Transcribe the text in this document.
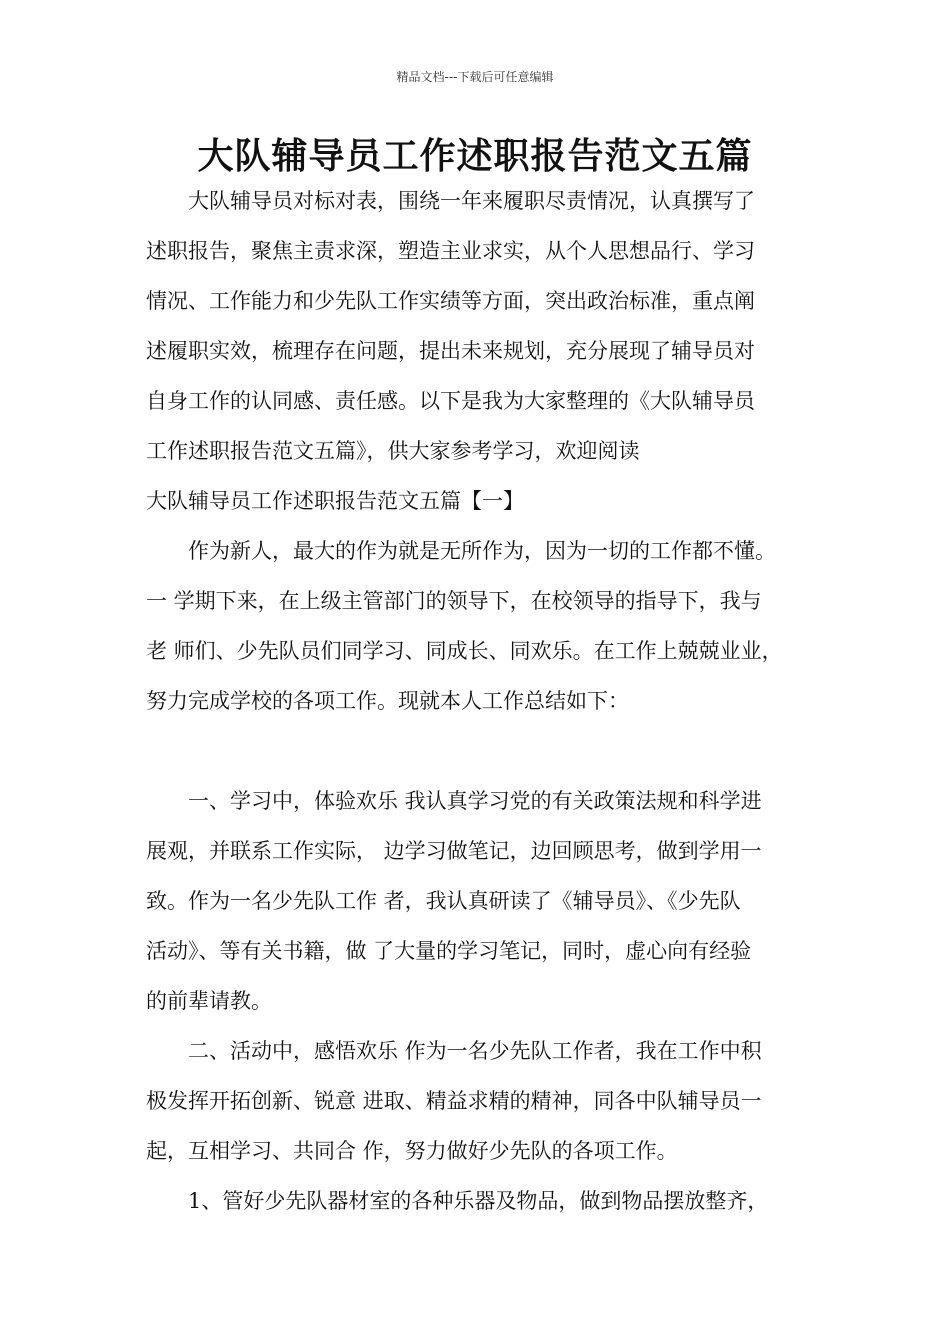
精品文档---下载后可任意编辑
大队辅导员工作述职报告范文五篇

大队辅导员对标对表，围绕一年来履职尽责情况，认真撰写了

述职报告，聚焦主责求深，塑造主业求实，从个人思想品行、学习

情况、工作能力和少先队工作实绩等方面，突出政治标准，重点阐

述履职实效，梳理存在问题，提出未来规划，充分展现了辅导员对

自身工作的认同感、责任感。以下是我为大家整理的《大队辅导员

工作述职报告范文五篇》，供大家参考学习，欢迎阅读

大队辅导员工作述职报告范文五篇【一】

作为新人，最大的作为就是无所作为，因为一切的工作都不懂。

一 学期下来，在上级主管部门的领导下，在校领导的指导下，我与

老 师们、少先队员们同学习、同成长、同欢乐。在工作上兢兢业业，

努力完成学校的各项工作。现就本人工作总结如下：

一、学习中，体验欢乐 我认真学习党的有关政策法规和科学进

展观，并联系工作实际， 边学习做笔记，边回顾思考，做到学用一

致。作为一名少先队工作 者，我认真研读了《辅导员》、《少先队

活动》、等有关书籍，做 了大量的学习笔记，同时，虚心向有经验

的前辈请教。

二、活动中，感悟欢乐 作为一名少先队工作者，我在工作中积

极发挥开拓创新、锐意 进取、精益求精的精神，同各中队辅导员一

起，互相学习、共同合 作，努力做好少先队的各项工作。

1、管好少先队器材室的各种乐器及物品，做到物品摆放整齐，
